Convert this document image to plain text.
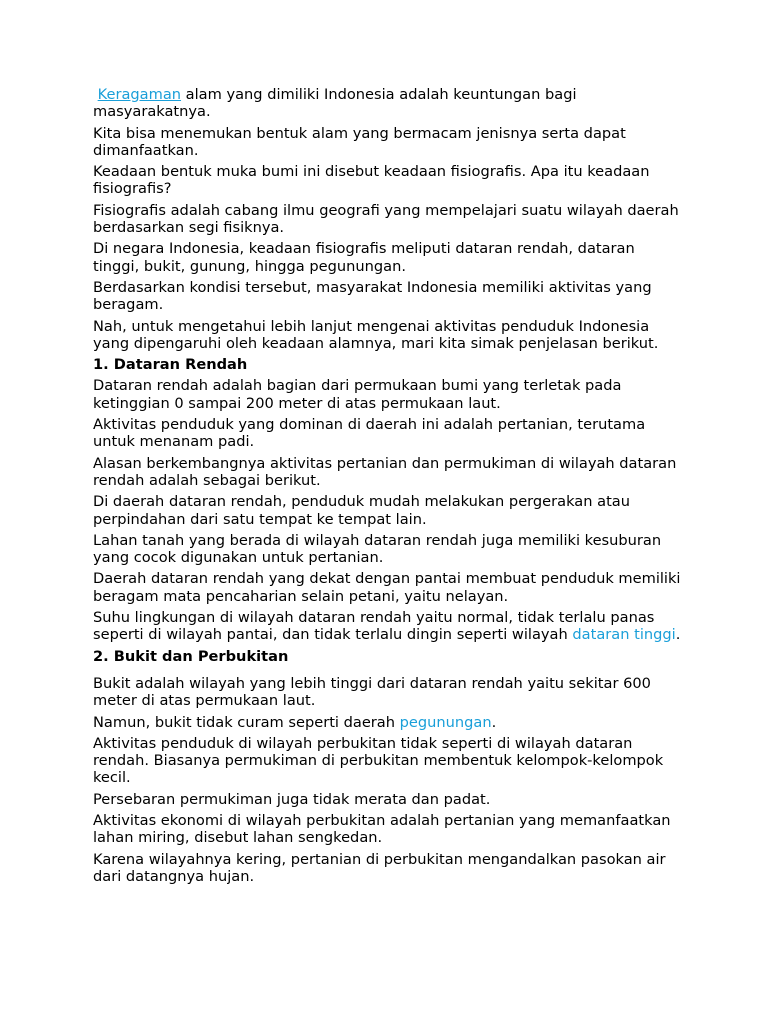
Keragaman alam yang dimiliki Indonesia adalah keuntungan bagi masyarakatnya.

Kita bisa menemukan bentuk alam yang bermacam jenisnya serta dapat dimanfaatkan.

Keadaan bentuk muka bumi ini disebut keadaan fisiografis. Apa itu keadaan fisiografis?

Fisiografis adalah cabang ilmu geografi yang mempelajari suatu wilayah daerah berdasarkan segi fisiknya.

Di negara Indonesia, keadaan fisiografis meliputi dataran rendah, dataran tinggi, bukit, gunung, hingga pegunungan.

Berdasarkan kondisi tersebut, masyarakat Indonesia memiliki aktivitas yang beragam.

Nah, untuk mengetahui lebih lanjut mengenai aktivitas penduduk Indonesia yang dipengaruhi oleh keadaan alamnya, mari kita simak penjelasan berikut.

1. Dataran Rendah

Dataran rendah adalah bagian dari permukaan bumi yang terletak pada ketinggian 0 sampai 200 meter di atas permukaan laut.

Aktivitas penduduk yang dominan di daerah ini adalah pertanian, terutama untuk menanam padi.

Alasan berkembangnya aktivitas pertanian dan permukiman di wilayah dataran rendah adalah sebagai berikut.

Di daerah dataran rendah, penduduk mudah melakukan pergerakan atau perpindahan dari satu tempat ke tempat lain.

Lahan tanah yang berada di wilayah dataran rendah juga memiliki kesuburan yang cocok digunakan untuk pertanian.

Daerah dataran rendah yang dekat dengan pantai membuat penduduk memiliki beragam mata pencaharian selain petani, yaitu nelayan.

Suhu lingkungan di wilayah dataran rendah yaitu normal, tidak terlalu panas seperti di wilayah pantai, dan tidak terlalu dingin seperti wilayah dataran tinggi.

2. Bukit dan Perbukitan

Bukit adalah wilayah yang lebih tinggi dari dataran rendah yaitu sekitar 600 meter di atas permukaan laut.

Namun, bukit tidak curam seperti daerah pegunungan.

Aktivitas penduduk di wilayah perbukitan tidak seperti di wilayah dataran rendah. Biasanya permukiman di perbukitan membentuk kelompok-kelompok kecil.

Persebaran permukiman juga tidak merata dan padat.

Aktivitas ekonomi di wilayah perbukitan adalah pertanian yang memanfaatkan lahan miring, disebut lahan sengkedan.

Karena wilayahnya kering, pertanian di perbukitan mengandalkan pasokan air dari datangnya hujan.
